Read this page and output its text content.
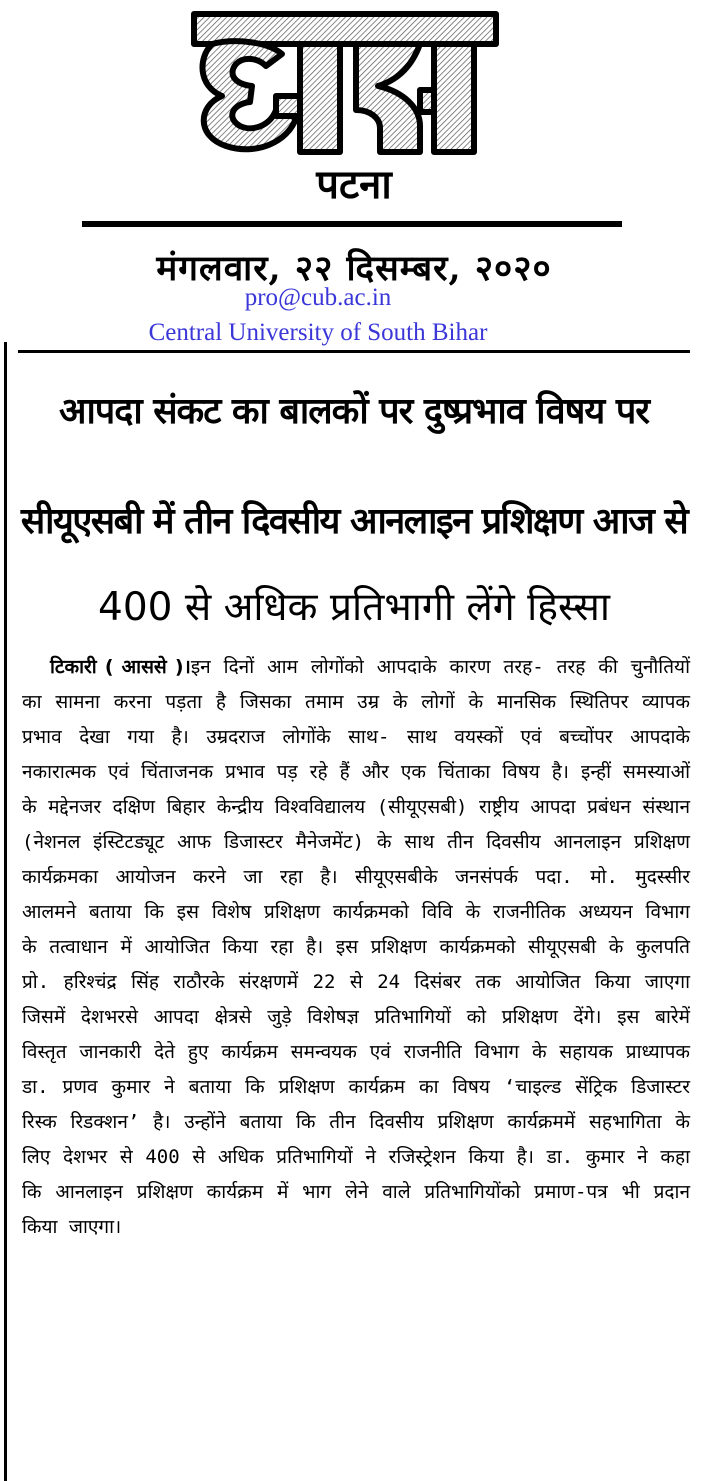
पटना
मंगलवार, २२ दिसम्बर, २०२०
pro@cub.ac.in
Central University of South Bihar
आपदा संकट का बालकों पर दुष्प्रभाव विषय पर
सीयूएसबी में तीन दिवसीय आनलाइन प्रशिक्षण आज से
400 से अधिक प्रतिभागी लेंगे हिस्सा

टिकारी ( आससे )।इन दिनों आम लोगोंको आपदाके कारण तरह- तरह की चुनौतियों का सामना करना पड़ता है जिसका तमाम उम्र के लोगों के मानसिक स्थितिपर व्यापक प्रभाव देखा गया है। उम्रदराज लोगोंके साथ- साथ वयस्कों एवं बच्चोंपर आपदाके नकारात्मक एवं चिंताजनक प्रभाव पड़ रहे हैं और एक चिंताका विषय है। इन्हीं समस्याओं के मद्देनजर दक्षिण बिहार केन्द्रीय विश्वविद्यालय (सीयूएसबी) राष्ट्रीय आपदा प्रबंधन संस्थान (नेशनल इंस्टिटड्यूट आफ डिजास्टर मैनेजमेंट) के साथ तीन दिवसीय आनलाइन प्रशिक्षण कार्यक्रमका आयोजन करने जा रहा है। सीयूएसबीके जनसंपर्क पदा. मो. मुदस्सीर आलमने बताया कि इस विशेष प्रशिक्षण कार्यक्रमको विवि के राजनीतिक अध्ययन विभाग के तत्वाधान में आयोजित किया रहा है। इस प्रशिक्षण कार्यक्रमको सीयूएसबी के कुलपति प्रो. हरिश्चंद्र सिंह राठौरके संरक्षणमें 22 से 24 दिसंबर तक आयोजित किया जाएगा जिसमें देशभरसे आपदा क्षेत्रसे जुड़े विशेषज्ञ प्रतिभागियों को प्रशिक्षण देंगे। इस बारेमें विस्तृत जानकारी देते हुए कार्यक्रम समन्वयक एवं राजनीति विभाग के सहायक प्राध्यापक डा. प्रणव कुमार ने बताया कि प्रशिक्षण कार्यक्रम का विषय ‘चाइल्ड सेंट्रिक डिजास्टर रिस्क रिडक्शन’ है। उन्होंने बताया कि तीन दिवसीय प्रशिक्षण कार्यक्रममें सहभागिता के लिए देशभर से 400 से अधिक प्रतिभागियों ने रजिस्ट्रेशन किया है। डा. कुमार ने कहा कि आनलाइन प्रशिक्षण कार्यक्रम में भाग लेने वाले प्रतिभागियोंको प्रमाण-पत्र भी प्रदान किया जाएगा।
